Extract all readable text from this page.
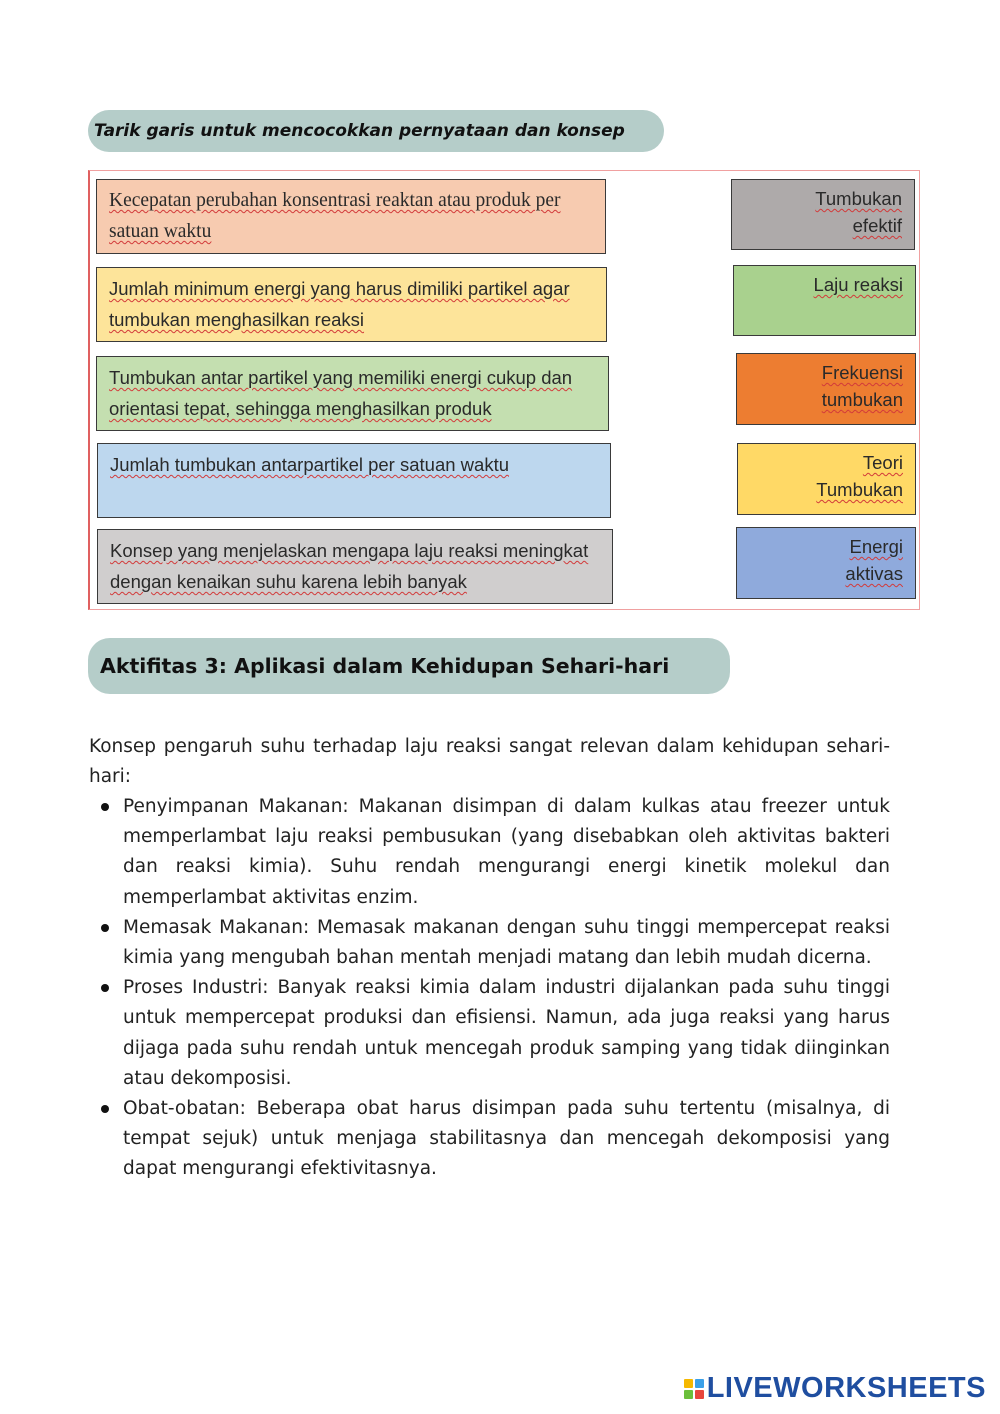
Tarik garis untuk mencocokkan pernyataan dan konsep
Kecepatan perubahan konsentrasi reaktan atau produk per satuan waktu
Jumlah minimum energi yang harus dimiliki partikel agar tumbukan menghasilkan reaksi
Tumbukan antar partikel yang memiliki energi cukup dan orientasi tepat, sehingga menghasilkan produk
Jumlah tumbukan antarpartikel per satuan waktu
Konsep yang menjelaskan mengapa laju reaksi meningkat dengan kenaikan suhu karena lebih banyak
Tumbukan
efektif
Laju reaksi
Frekuensi
tumbukan
Teori
Tumbukan
Energi
aktivas
Aktifitas 3: Aplikasi dalam Kehidupan Sehari-hari

Konsep pengaruh suhu terhadap laju reaksi sangat relevan dalam kehidupan sehari-hari:

Penyimpanan Makanan: Makanan disimpan di dalam kulkas atau freezer untuk memperlambat laju reaksi pembusukan (yang disebabkan oleh aktivitas bakteri dan reaksi kimia). Suhu rendah mengurangi energi kinetik molekul dan memperlambat aktivitas enzim.
Memasak Makanan: Memasak makanan dengan suhu tinggi mempercepat reaksi kimia yang mengubah bahan mentah menjadi matang dan lebih mudah dicerna.
Proses Industri: Banyak reaksi kimia dalam industri dijalankan pada suhu tinggi untuk mempercepat produksi dan efisiensi. Namun, ada juga reaksi yang harus dijaga pada suhu rendah untuk mencegah produk samping yang tidak diinginkan atau dekomposisi.
Obat-obatan: Beberapa obat harus disimpan pada suhu tertentu (misalnya, di tempat sejuk) untuk menjaga stabilitasnya dan mencegah dekomposisi yang dapat mengurangi efektivitasnya.
LIVEWORKSHEETS
